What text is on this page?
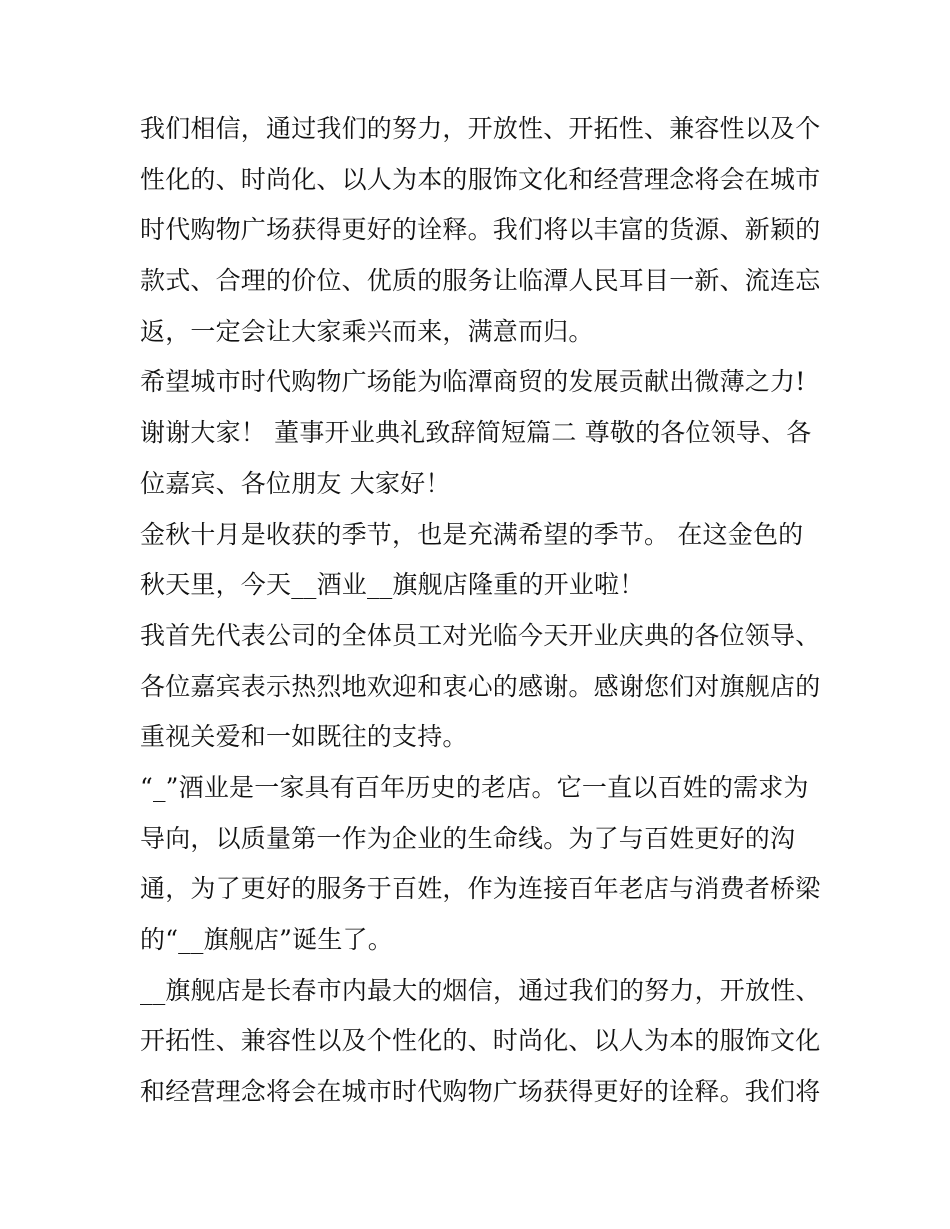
我们相信，通过我们的努力，开放性、开拓性、兼容性以及个
性化的、时尚化、以人为本的服饰文化和经营理念将会在城市
时代购物广场获得更好的诠释。我们将以丰富的货源、新颖的
款式、合理的价位、优质的服务让临潭人民耳目一新、流连忘
返，一定会让大家乘兴而来，满意而归。

希望城市时代购物广场能为临潭商贸的发展贡献出微薄之力!
谢谢大家！ 董事开业典礼致辞简短篇二 尊敬的各位领导、各
位嘉宾、各位朋友 大家好！

金秋十月是收获的季节，也是充满希望的季节。 在这金色的
秋天里，今天__酒业__旗舰店隆重的开业啦！

我首先代表公司的全体员工对光临今天开业庆典的各位领导、
各位嘉宾表示热烈地欢迎和衷心的感谢。感谢您们对旗舰店的
重视关爱和一如既往的支持。

“_”酒业是一家具有百年历史的老店。它一直以百姓的需求为
导向，以质量第一作为企业的生命线。为了与百姓更好的沟
通，为了更好的服务于百姓，作为连接百年老店与消费者桥梁
的“__旗舰店”诞生了。

__旗舰店是长春市内最大的烟信，通过我们的努力，开放性、
开拓性、兼容性以及个性化的、时尚化、以人为本的服饰文化
和经营理念将会在城市时代购物广场获得更好的诠释。我们将
